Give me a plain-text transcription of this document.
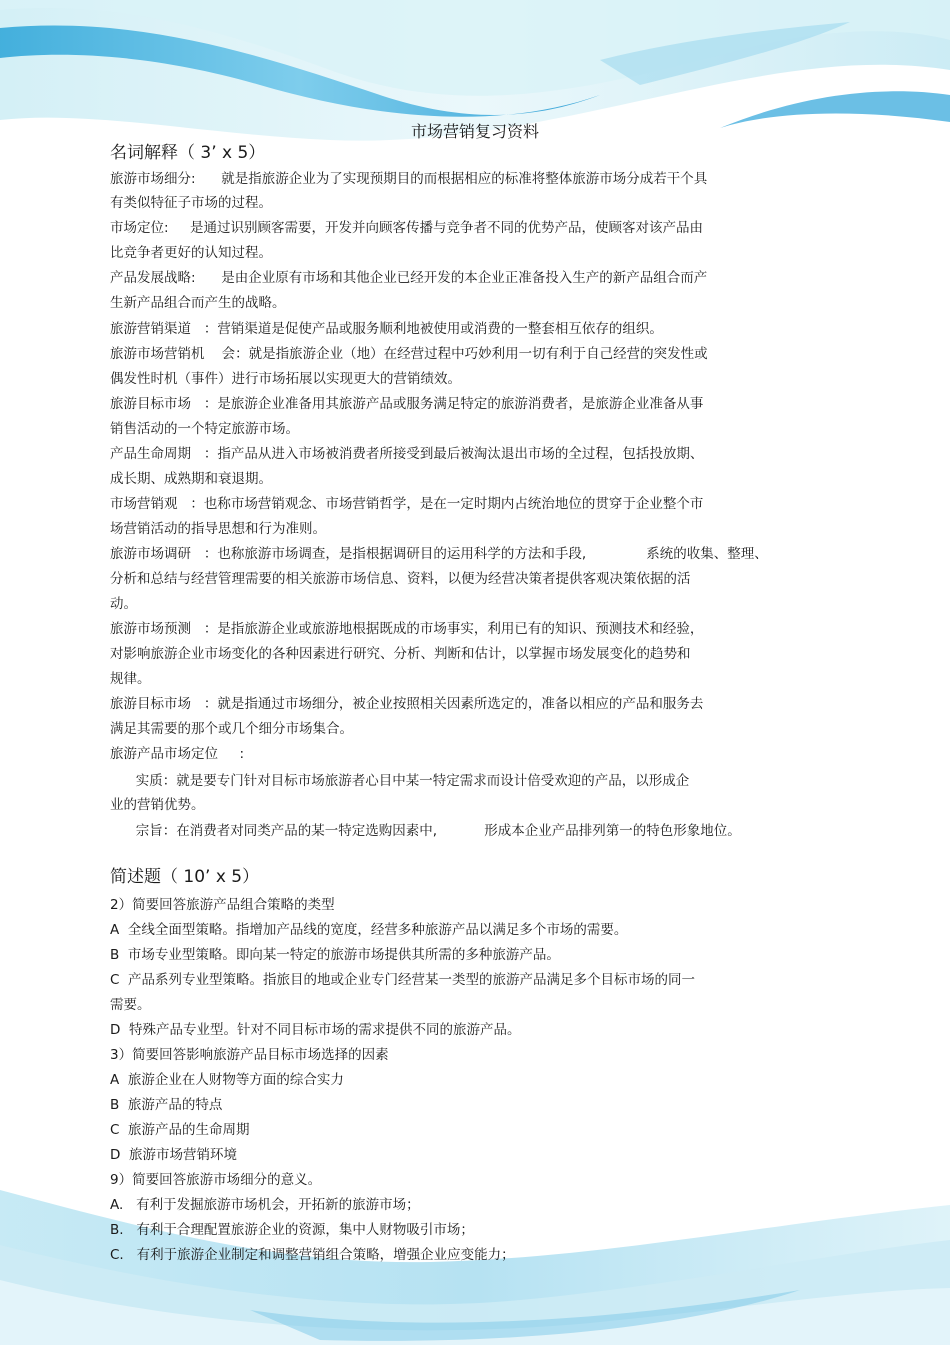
市场营销复习资料
名词解释（ 3’ x 5）
旅游市场细分:      就是指旅游企业为了实现预期目的而根据相应的标准将整体旅游市场分成若干个具
有类似特征子市场的过程。
市场定位:     是通过识别顾客需要，开发并向顾客传播与竞争者不同的优势产品，使顾客对该产品由
比竞争者更好的认知过程。
产品发展战略:      是由企业原有市场和其他企业已经开发的本企业正准备投入生产的新产品组合而产
生新产品组合而产生的战略。
旅游营销渠道   ：营销渠道是促使产品或服务顺利地被使用或消费的一整套相互依存的组织。
旅游市场营销机    会：就是指旅游企业（地）在经营过程中巧妙利用一切有利于自己经营的突发性或
偶发性时机（事件）进行市场拓展以实现更大的营销绩效。
旅游目标市场   ：是旅游企业准备用其旅游产品或服务满足特定的旅游消费者，是旅游企业准备从事
销售活动的一个特定旅游市场。
产品生命周期   ：指产品从进入市场被消费者所接受到最后被淘汰退出市场的全过程，包括投放期、
成长期、成熟期和衰退期。
市场营销观   ：也称市场营销观念、市场营销哲学，是在一定时期内占统治地位的贯穿于企业整个市
场营销活动的指导思想和行为准则。
旅游市场调研   ：也称旅游市场调查，是指根据调研目的运用科学的方法和手段,              系统的收集、整理、
分析和总结与经营管理需要的相关旅游市场信息、资料，以便为经营决策者提供客观决策依据的活
动。
旅游市场预测   ：是指旅游企业或旅游地根据既成的市场事实，利用已有的知识、预测技术和经验，
对影响旅游企业市场变化的各种因素进行研究、分析、判断和估计，以掌握市场发展变化的趋势和
规律。
旅游目标市场   ：就是指通过市场细分，被企业按照相关因素所选定的，准备以相应的产品和服务去
满足其需要的那个或几个细分市场集合。
旅游产品市场定位     :
实质：就是要专门针对目标市场旅游者心目中某一特定需求而设计倍受欢迎的产品，以形成企
业的营销优势。
宗旨：在消费者对同类产品的某一特定选购因素中,           形成本企业产品排列第一的特色形象地位。
简述题（ 10’ x 5）
2）简要回答旅游产品组合策略的类型
A  全线全面型策略。指增加产品线的宽度，经营多种旅游产品以满足多个市场的需要。
B  市场专业型策略。即向某一特定的旅游市场提供其所需的多种旅游产品。
C  产品系列专业型策略。指旅目的地或企业专门经营某一类型的旅游产品满足多个目标市场的同一
需要。
D  特殊产品专业型。针对不同目标市场的需求提供不同的旅游产品。
3）简要回答影响旅游产品目标市场选择的因素
A  旅游企业在人财物等方面的综合实力
B  旅游产品的特点
C  旅游产品的生命周期
D  旅游市场营销环境
9）简要回答旅游市场细分的意义。
A.   有利于发掘旅游市场机会，开拓新的旅游市场；
B.   有利于合理配置旅游企业的资源，集中人财物吸引市场；
C.   有利于旅游企业制定和调整营销组合策略，增强企业应变能力；
